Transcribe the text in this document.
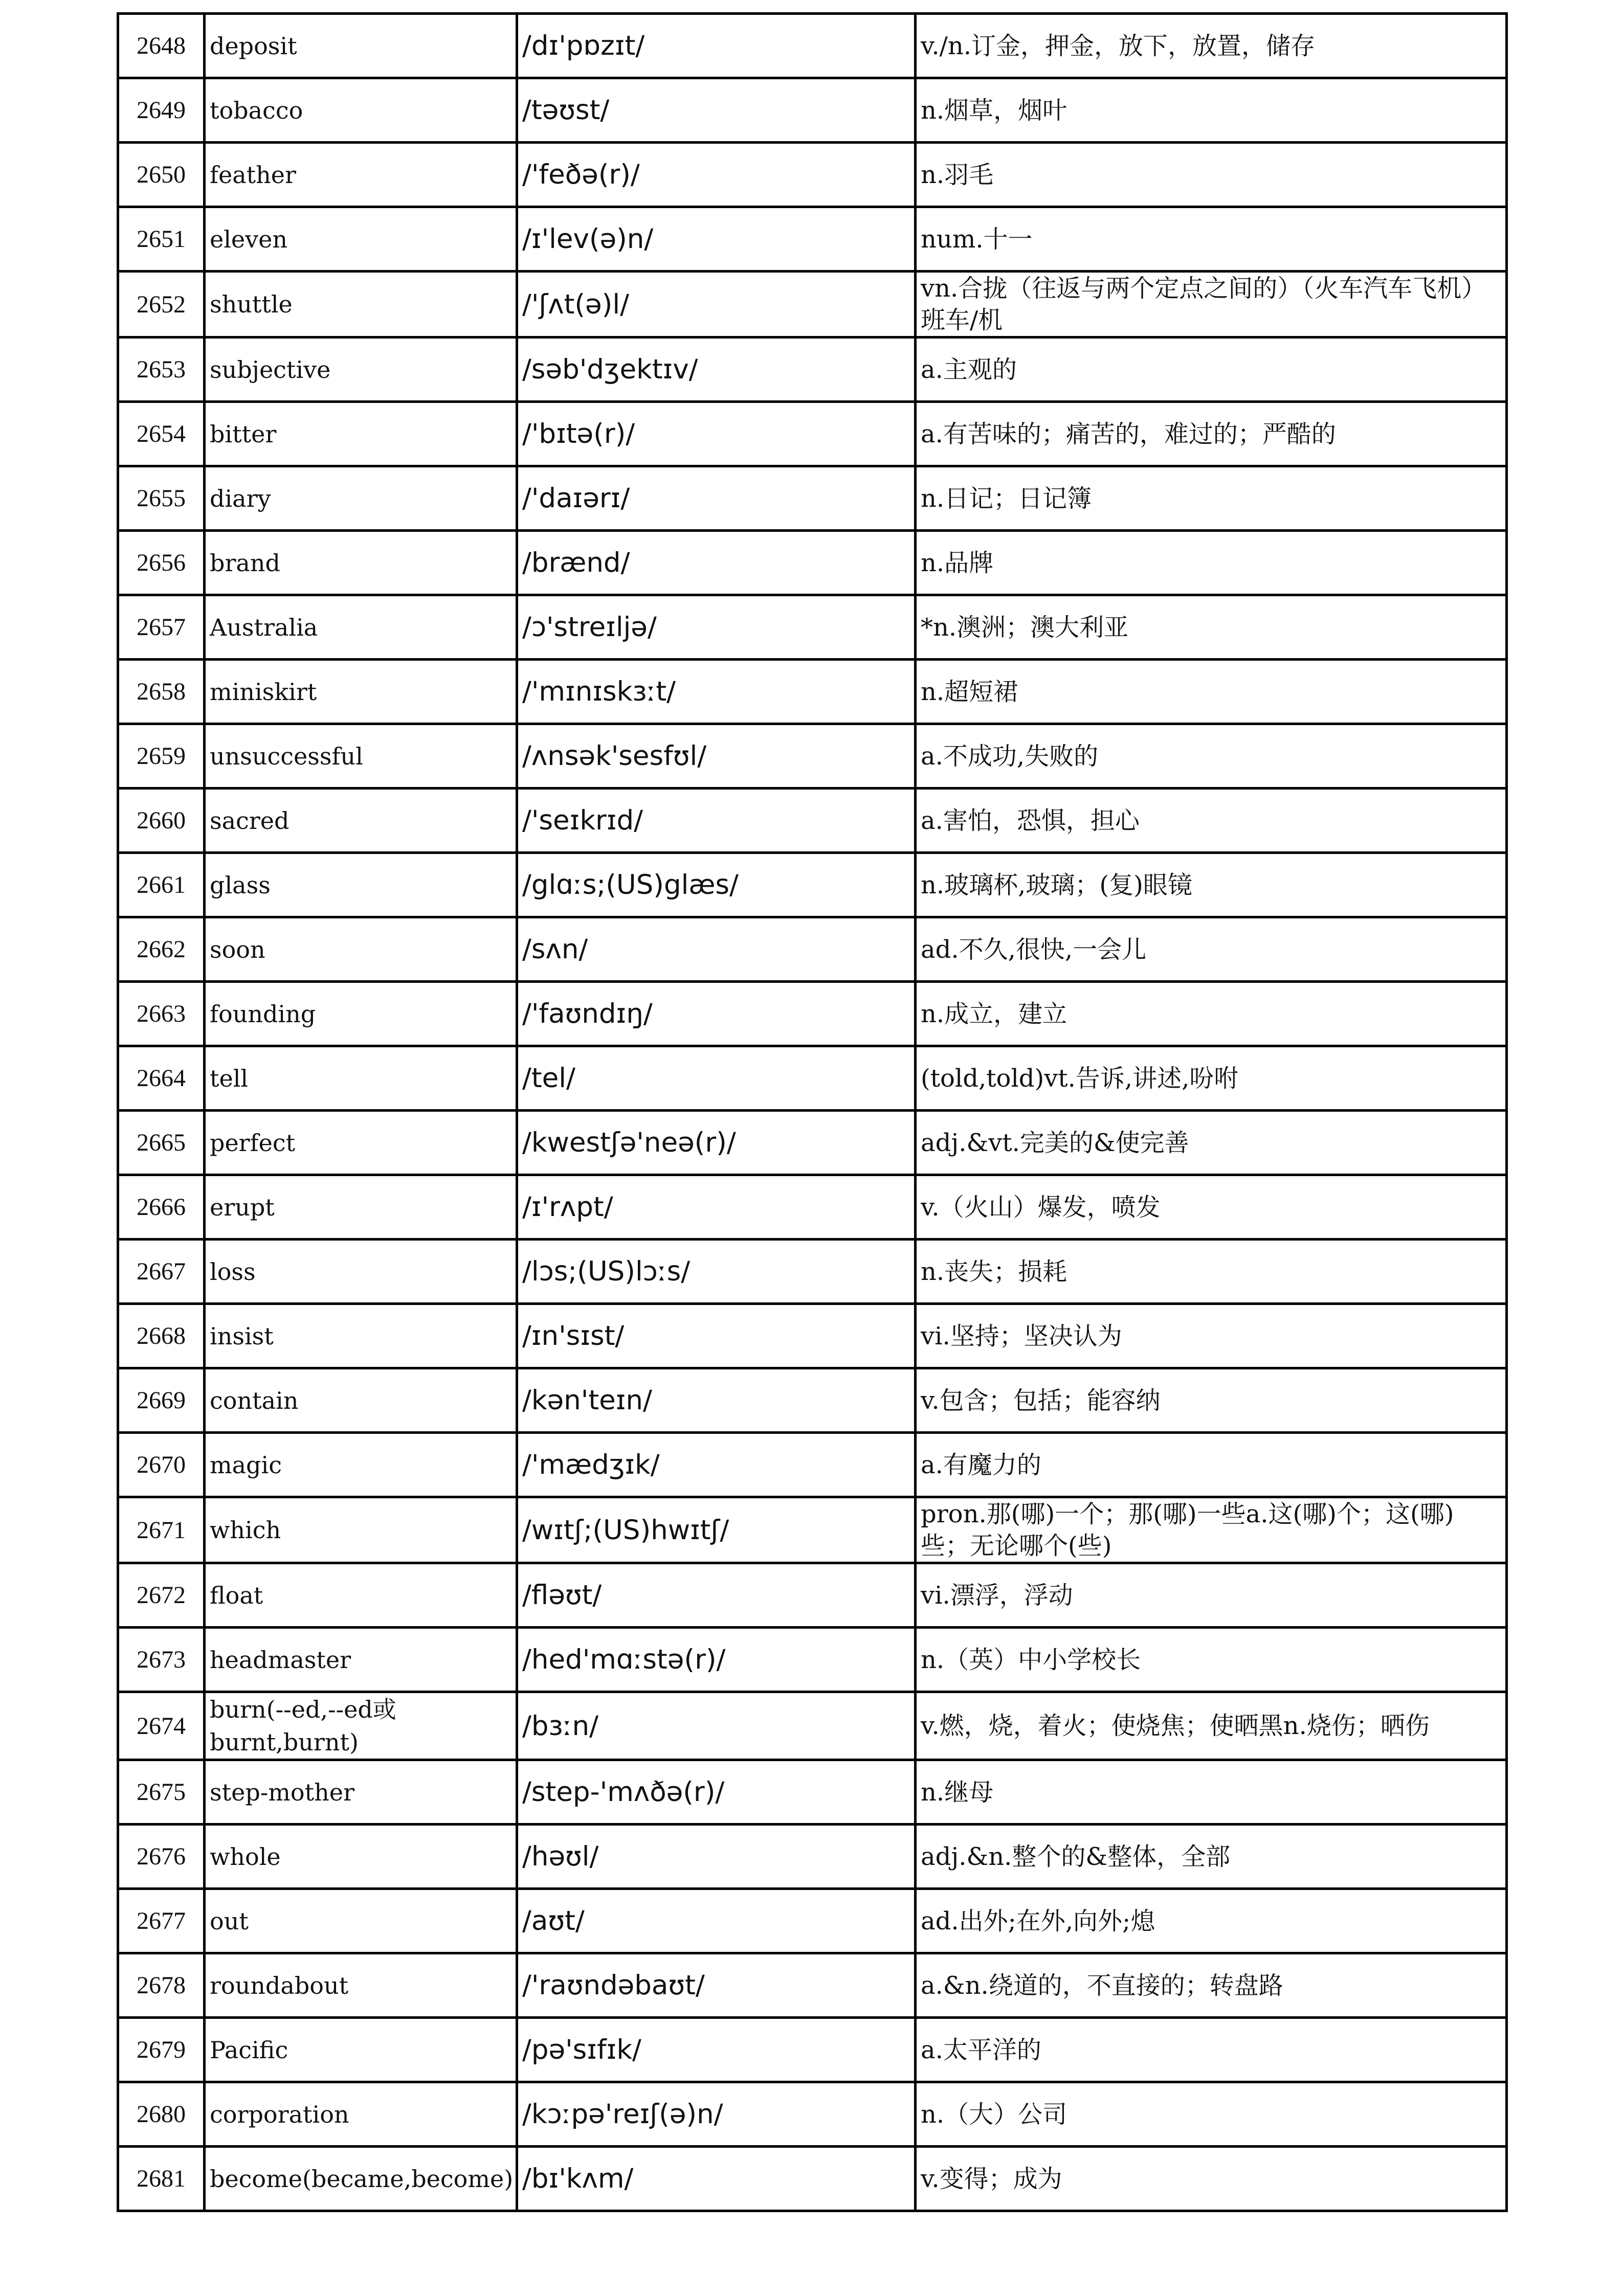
2648	deposit	/dɪ'pɒzɪt/	v./n.订金，押金，放下，放置，储存
2649	tobacco	/təʊst/	n.烟草，烟叶
2650	feather	/'feðə(r)/	n.羽毛
2651	eleven	/ɪ'lev(ə)n/	num.十一
2652	shuttle	/'ʃʌt(ə)l/	vn.合拢（往返与两个定点之间的）（火车汽车飞机）班车/机
2653	subjective	/səb'dʒektɪv/	a.主观的
2654	bitter	/'bɪtə(r)/	a.有苦味的；痛苦的，难过的；严酷的
2655	diary	/'daɪərɪ/	n.日记；日记簿
2656	brand	/brænd/	n.品牌
2657	Australia	/ɔ'streɪljə/	*n.澳洲；澳大利亚
2658	miniskirt	/'mɪnɪskɜːt/	n.超短裙
2659	unsuccessful	/ʌnsək'sesfʊl/	a.不成功,失败的
2660	sacred	/'seɪkrɪd/	a.害怕，恐惧，担心
2661	glass	/glɑːs;(US)glæs/	n.玻璃杯,玻璃；(复)眼镜
2662	soon	/sʌn/	ad.不久,很快,一会儿
2663	founding	/'faʊndɪŋ/	n.成立，建立
2664	tell	/tel/	(told,told)vt.告诉,讲述,吩咐
2665	perfect	/kwestʃə'neə(r)/	adj.&vt.完美的&使完善
2666	erupt	/ɪ'rʌpt/	v.（火山）爆发，喷发
2667	loss	/lɔs;(US)lɔːs/	n.丧失；损耗
2668	insist	/ɪn'sɪst/	vi.坚持；坚决认为
2669	contain	/kən'teɪn/	v.包含；包括；能容纳
2670	magic	/'mædʒɪk/	a.有魔力的
2671	which	/wɪtʃ;(US)hwɪtʃ/	pron.那(哪)一个；那(哪)一些a.这(哪)个；这(哪)些；无论哪个(些)
2672	float	/fləʊt/	vi.漂浮，浮动
2673	headmaster	/hed'mɑːstə(r)/	n.（英）中小学校长
2674	burn(--ed,--ed或burnt,burnt)	/bɜːn/	v.燃，烧，着火；使烧焦；使晒黑n.烧伤；晒伤
2675	step-mother	/step-'mʌðə(r)/	n.继母
2676	whole	/həʊl/	adj.&n.整个的&整体，全部
2677	out	/aʊt/	ad.出外;在外,向外;熄
2678	roundabout	/'raʊndəbaʊt/	a.&n.绕道的，不直接的；转盘路
2679	Pacific	/pə'sɪfɪk/	a.太平洋的
2680	corporation	/kɔːpə'reɪʃ(ə)n/	n.（大）公司
2681	become(became,become)	/bɪ'kʌm/	v.变得；成为
